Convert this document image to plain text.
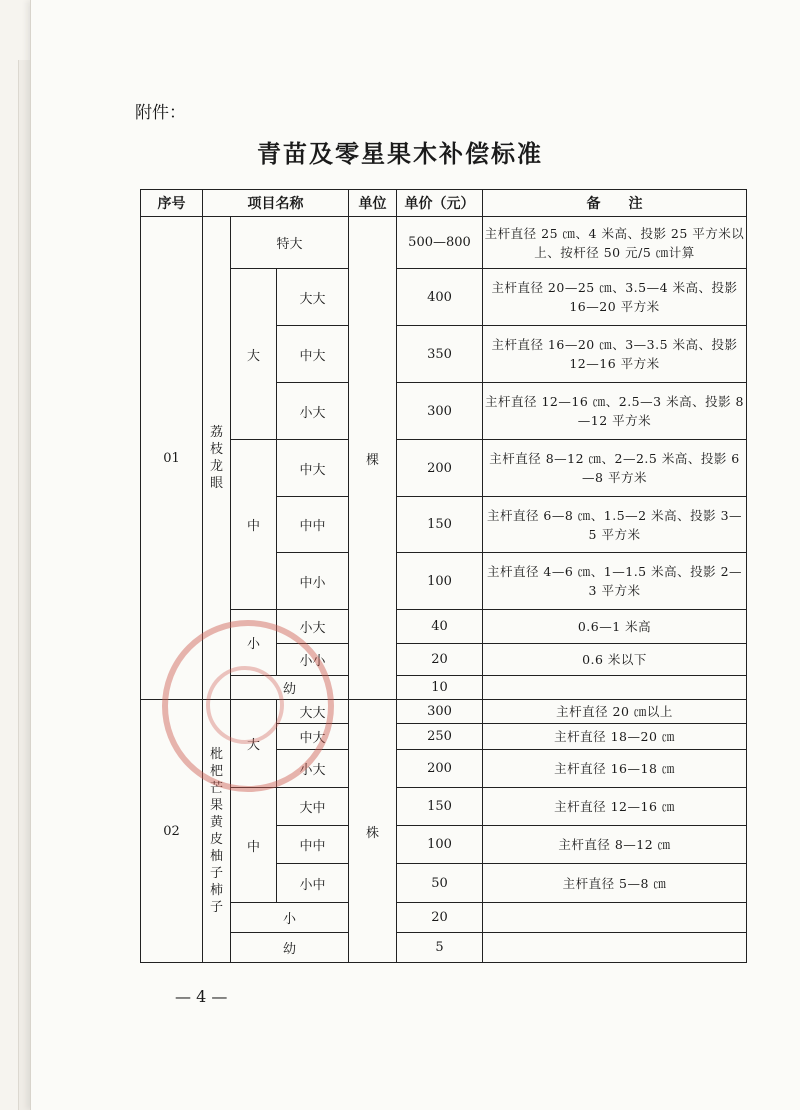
附件：
青苗及零星果木补偿标准
序号	项目名称			单位	单价（元）	备　　注
01	荔枝龙眼	特大		棵	500—800	主杆直径 25 ㎝、4 米高、投影 25 平方米以上、按杆径 50 元/5 ㎝计算
		大	大大		400	主杆直径 20—25 ㎝、3.5—4 米高、投影 16—20 平方米
			中大		350	主杆直径 16—20 ㎝、3—3.5 米高、投影 12—16 平方米
			小大		300	主杆直径 12—16 ㎝、2.5—3 米高、投影 8—12 平方米
		中	中大		200	主杆直径 8—12 ㎝、2—2.5 米高、投影 6—8 平方米
			中中		150	主杆直径 6—8 ㎝、1.5—2 米高、投影 3—5 平方米
			中小		100	主杆直径 4—6 ㎝、1—1.5 米高、投影 2—3 平方米
		小	小大		40	0.6—1 米高
			小小		20	0.6 米以下
		幼			10	
02	枇杷芒果黄皮柚子柿子	大	大大	株	300	主杆直径 20 ㎝以上
			中大		250	主杆直径 18—20 ㎝
			小大		200	主杆直径 16—18 ㎝
		中	大中		150	主杆直径 12—16 ㎝
			中中		100	主杆直径 8—12 ㎝
			小中		50	主杆直径 5—8 ㎝
		小			20	
		幼			5	
— 4 —
